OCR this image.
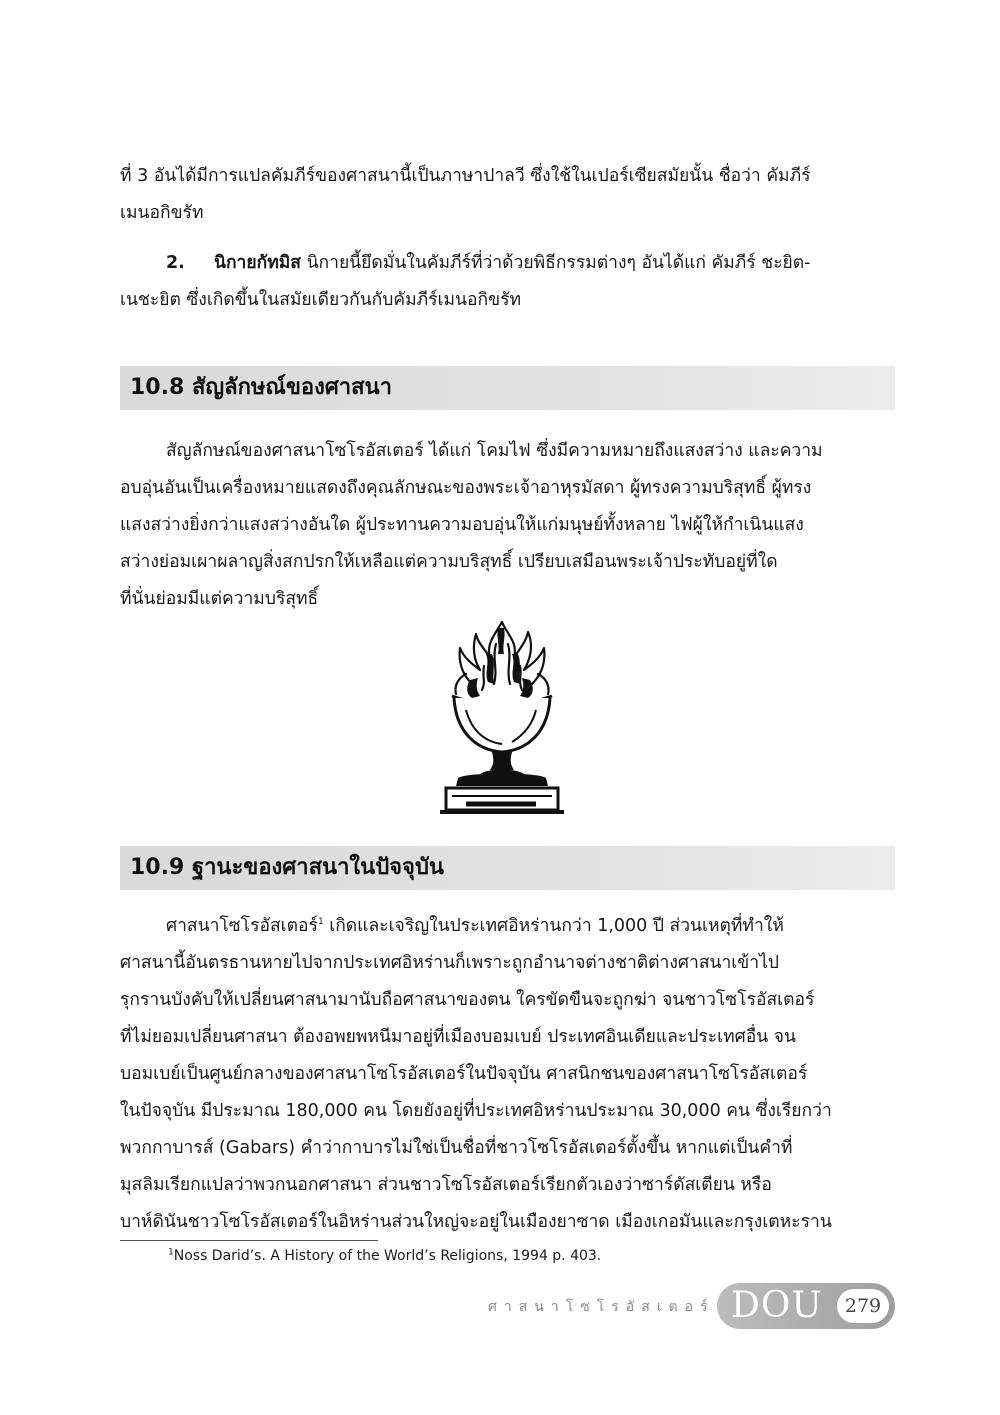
ที่ 3 อันได้มีการแปลคัมภีร์ของศาสนานี้เป็นภาษาปาลวี ซึ่งใช้ในเปอร์เซียสมัยนั้น ชื่อว่า คัมภีร์
เมนอกิขรัท
2. นิกายกัทมิส นิกายนี้ยึดมั่นในคัมภีร์ที่ว่าด้วยพิธีกรรมต่างๆ อันได้แก่ คัมภีร์ ชะยิต-
เนชะยิต ซึ่งเกิดขึ้นในสมัยเดียวกันกับคัมภีร์เมนอกิขรัท
10.8 สัญลักษณ์ของศาสนา
สัญลักษณ์ของศาสนาโซโรอัสเตอร์ ได้แก่ โคมไฟ ซึ่งมีความหมายถึงแสงสว่าง และความ
อบอุ่นอันเป็นเครื่องหมายแสดงถึงคุณลักษณะของพระเจ้าอาหุรมัสดา ผู้ทรงความบริสุทธิ์ ผู้ทรง
แสงสว่างยิ่งกว่าแสงสว่างอันใด ผู้ประทานความอบอุ่นให้แก่มนุษย์ทั้งหลาย ไฟผู้ให้กำเนินแสง
สว่างย่อมเผาผลาญสิ่งสกปรกให้เหลือแต่ความบริสุทธิ์ เปรียบเสมือนพระเจ้าประทับอยู่ที่ใด
ที่นั่นย่อมมีแต่ความบริสุทธิ์
10.9 ฐานะของศาสนาในปัจจุบัน
ศาสนาโซโรอัสเตอร์$^1$ เกิดและเจริญในประเทศอิหร่านกว่า 1,000 ปี ส่วนเหตุที่ทำให้
ศาสนานี้อันตรธานหายไปจากประเทศอิหร่านก็เพราะถูกอำนาจต่างชาติต่างศาสนาเข้าไป
รุกรานบังคับให้เปลี่ยนศาสนามานับถือศาสนาของตน ใครขัดขืนจะถูกฆ่า จนชาวโซโรอัสเตอร์
ที่ไม่ยอมเปลี่ยนศาสนา ต้องอพยพหนีมาอยู่ที่เมืองบอมเบย์ ประเทศอินเดียและประเทศอื่น จน
บอมเบย์เป็นศูนย์กลางของศาสนาโซโรอัสเตอร์ในปัจจุบัน ศาสนิกชนของศาสนาโซโรอัสเตอร์
ในปัจจุบัน มีประมาณ 180,000 คน โดยยังอยู่ที่ประเทศอิหร่านประมาณ 30,000 คน ซึ่งเรียกว่า
พวกกาบารส์ (Gabars) คำว่ากาบารไม่ใช่เป็นชื่อที่ชาวโซโรอัสเตอร์ตั้งขึ้น หากแต่เป็นคำที่
มุสลิมเรียกแปลว่าพวกนอกศาสนา ส่วนชาวโซโรอัสเตอร์เรียกตัวเองว่าซาร์ดัสเตียน หรือ
บาห์ดินันชาวโซโรอัสเตอร์ในอิหร่านส่วนใหญ่จะอยู่ในเมืองยาซาด เมืองเกอมันและกรุงเตหะราน
$^1$Noss Darid’s. A History of the World’s Religions, 1994 p. 403.
ศาสนาโซโรอัสเตอร์ DOU	279
